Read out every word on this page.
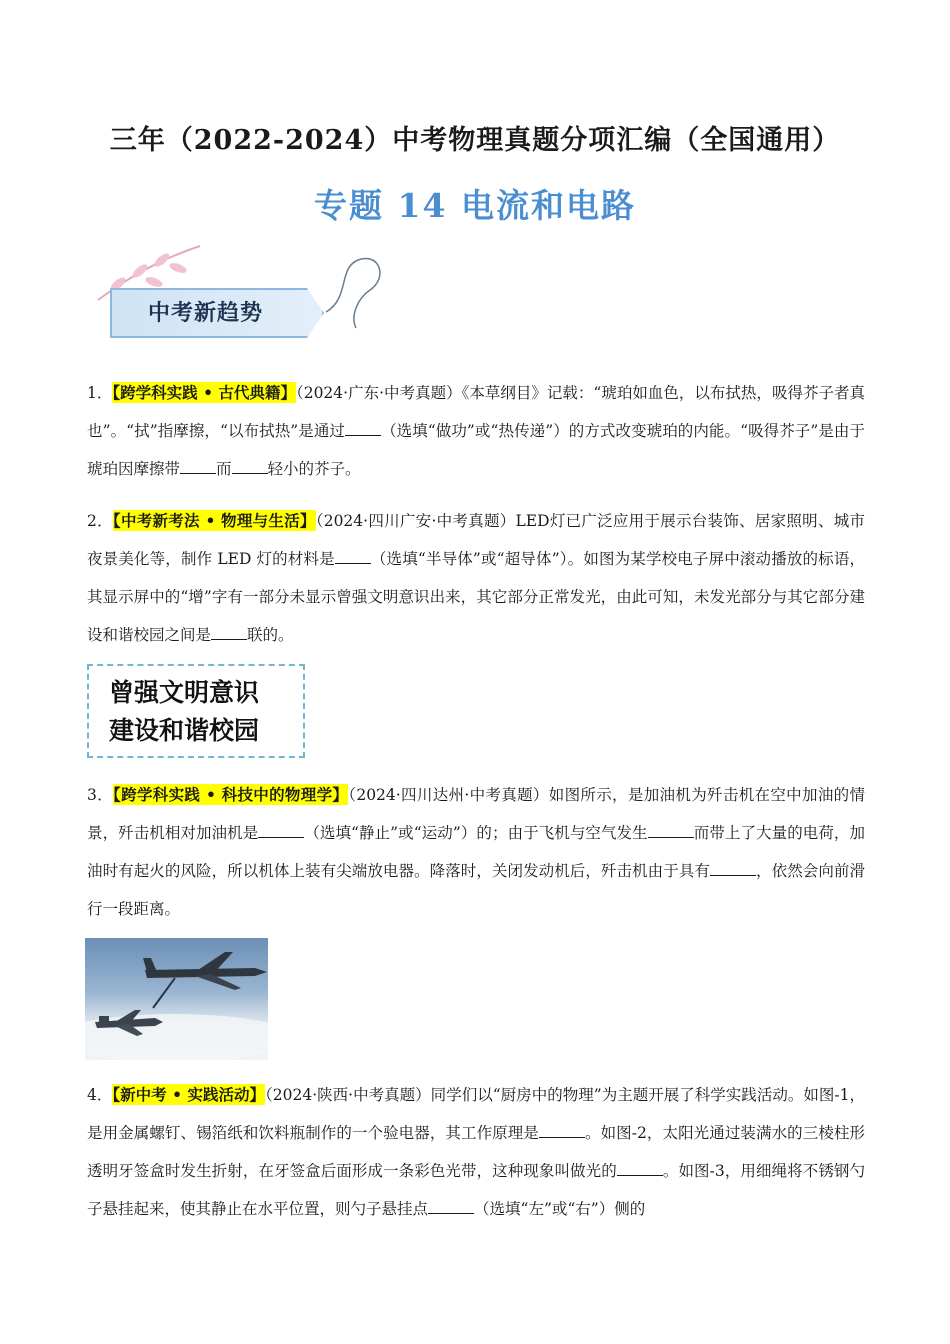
三年（2022-2024）中考物理真题分项汇编（全国通用）
专题 14 电流和电路
中考新趋势
1．【跨学科实践 • 古代典籍】（2024·广东·中考真题）《本草纲目》记载：“琥珀如血色，以布拭热，吸得芥子者真也”。“拭”指摩擦，“以布拭热”是通过 （选填“做功”或“热传递”）的方式改变琥珀的内能。“吸得芥子”是由于琥珀因摩擦带 而 轻小的芥子。
2．【中考新考法 • 物理与生活】（2024·四川广安·中考真题）LED灯已广泛应用于展示台装饰、居家照明、城市夜景美化等，制作 LED 灯的材料是 （选填“半导体”或“超导体”）。如图为某学校电子屏中滚动播放的标语，其显示屏中的“增”字有一部分未显示曾强文明意识出来，其它部分正常发光，由此可知，未发光部分与其它部分建设和谐校园之间是 联的。
曾强文明意识
建设和谐校园
3．【跨学科实践 • 科技中的物理学】（2024·四川达州·中考真题）如图所示，是加油机为歼击机在空中加油的情景，歼击机相对加油机是	（选填“静止”或“运动”）的；由于飞机与空气发生	而带上了大量的电荷，加油时有起火的风险，所以机体上装有尖端放电器。降落时，关闭发动机后，歼击机由于具有	，依然会向前滑行一段距离。
4．【新中考 • 实践活动】（2024·陕西·中考真题）同学们以“厨房中的物理”为主题开展了科学实践活动。如图-1，是用金属螺钉、锡箔纸和饮料瓶制作的一个验电器，其工作原理是	。如图-2，太阳光通过装满水的三棱柱形透明牙签盒时发生折射，在牙签盒后面形成一条彩色光带，这种现象叫做光的	。如图-3，用细绳将不锈钢勺子悬挂起来，使其静止在水平位置，则勺子悬挂点	（选填“左”或“右”）侧的
